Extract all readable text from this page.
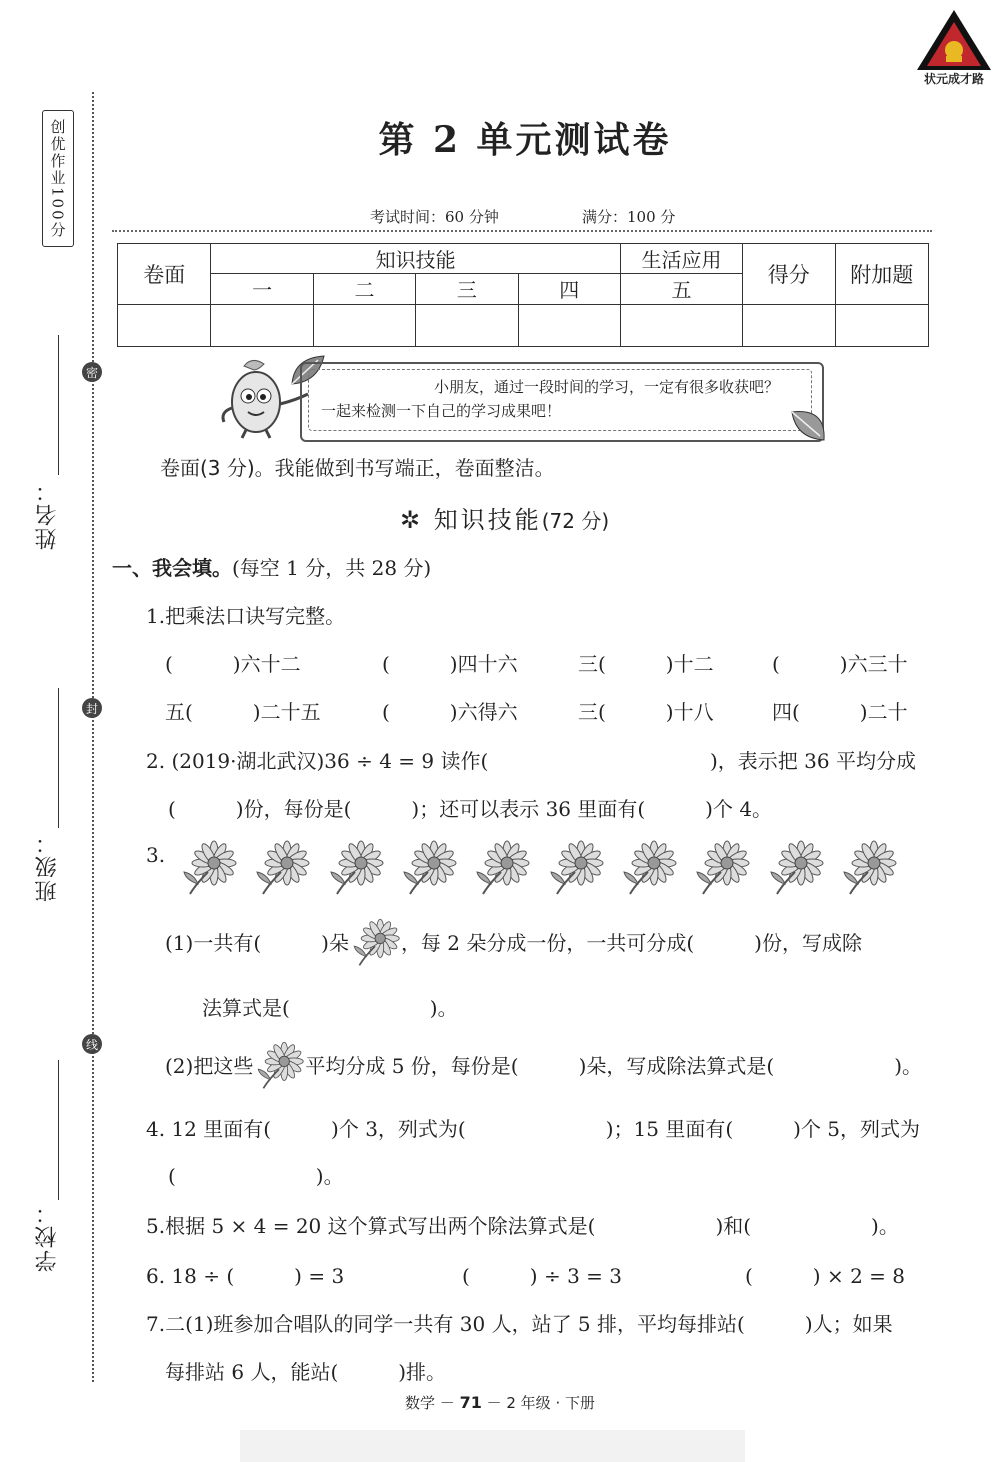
状元成才路
创优作业100分
密
封
线
姓名：
班级：
学校：
第 2 单元测试卷
考试时间：60 分钟	满分：100 分
卷面	知识技能				生活应用	得分	附加题
	一	二	三	四	五		

小朋友，通过一段时间的学习，一定有很多收获吧？
一起来检测一下自己的学习成果吧！
卷面(3 分)。我能做到书写端正，卷面整洁。
✲ 知识技能(72 分)
一、我会填。 (每空 1 分，共 28 分)
1.把乘法口诀写完整。
(　　　)六十二	(　　　)四十六	三(　　　)十二	(　　　)六三十
五(　　　)二十五	(　　　)六得六	三(　　　)十八	四(　　　)二十
2. (2019·湖北武汉)36 ÷ 4 = 9 读作(	)，表示把 36 平均分成
(　　　)份，每份是(　　　)；还可以表示 36 里面有(　　　)个 4。
3.
(1)一共有(　　　)朵	，每 2 朵分成一份，一共可分成(　　　)份，写成除
法算式是(　　　　　　　)。
(2)把这些	平均分成 5 份，每份是(　　　)朵，写成除法算式是(　　　　　　)。
4. 12 里面有(　　　)个 3，列式为(　　　　　　　)；15 里面有(　　　)个 5，列式为
(　　　　　　　)。
5.根据 5 × 4 = 20 这个算式写出两个除法算式是(　　　　　　)和(　　　　　　)。
6. 18 ÷ (　　　) = 3	(　　　) ÷ 3 = 3	(　　　) × 2 = 8
7.二(1)班参加合唱队的同学一共有 30 人，站了 5 排，平均每排站(　　　)人；如果
每排站 6 人，能站(　　　)排。
数学 － 71 － 2 年级 · 下册
